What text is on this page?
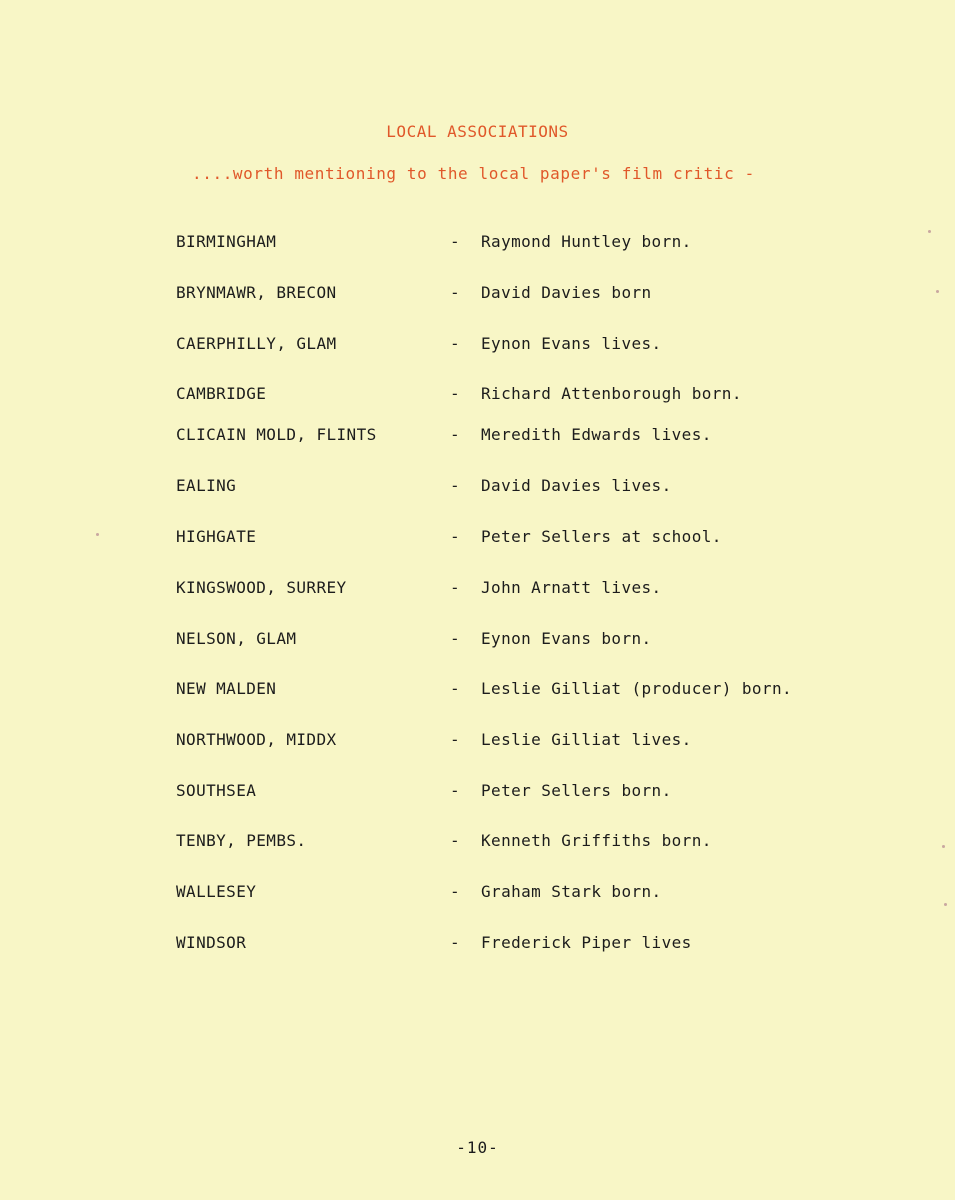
LOCAL ASSOCIATIONS
....worth mentioning to the local paper's film critic -
BIRMINGHAM	- Raymond Huntley born.
BRYNMAWR, BRECON	- David Davies born
CAERPHILLY, GLAM	- Eynon Evans lives.
CAMBRIDGE	- Richard Attenborough born.
CLICAIN MOLD, FLINTS	- Meredith Edwards lives.
EALING	- David Davies lives.
HIGHGATE	- Peter Sellers at school.
KINGSWOOD, SURREY	- John Arnatt lives.
NELSON, GLAM	- Eynon Evans born.
NEW MALDEN	- Leslie Gilliat (producer) born.
NORTHWOOD, MIDDX	- Leslie Gilliat lives.
SOUTHSEA	- Peter Sellers born.
TENBY, PEMBS.	- Kenneth Griffiths born.
WALLESEY	- Graham Stark born.
WINDSOR	- Frederick Piper lives
-10-
